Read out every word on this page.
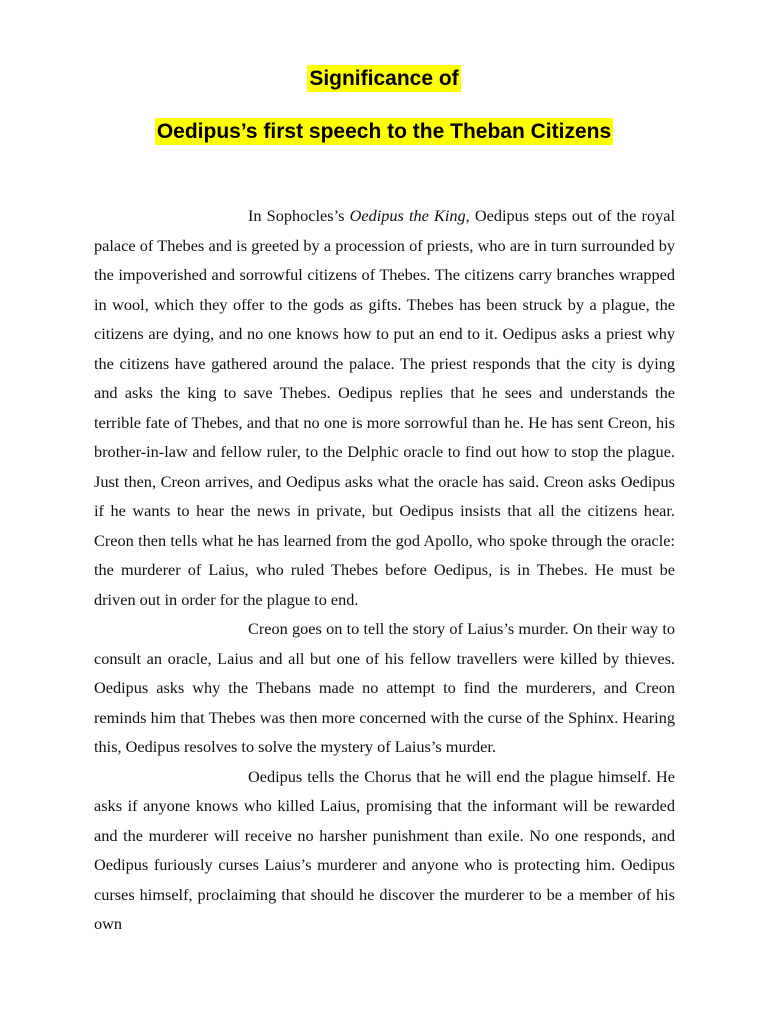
Significance of
Oedipus’s first speech to the Theban Citizens

In Sophocles’s Oedipus the King, Oedipus steps out of the royal palace of Thebes and is greeted by a procession of priests, who are in turn surrounded by the impoverished and sorrowful citizens of Thebes. The citizens carry branches wrapped in wool, which they offer to the gods as gifts. Thebes has been struck by a plague, the citizens are dying, and no one knows how to put an end to it. Oedipus asks a priest why the citizens have gathered around the palace. The priest responds that the city is dying and asks the king to save Thebes. Oedipus replies that he sees and understands the terrible fate of Thebes, and that no one is more sorrowful than he. He has sent Creon, his brother-in-law and fellow ruler, to the Delphic oracle to find out how to stop the plague. Just then, Creon arrives, and Oedipus asks what the oracle has said. Creon asks Oedipus if he wants to hear the news in private, but Oedipus insists that all the citizens hear. Creon then tells what he has learned from the god Apollo, who spoke through the oracle: the murderer of Laius, who ruled Thebes before Oedipus, is in Thebes. He must be driven out in order for the plague to end.

Creon goes on to tell the story of Laius’s murder. On their way to consult an oracle, Laius and all but one of his fellow travellers were killed by thieves. Oedipus asks why the Thebans made no attempt to find the murderers, and Creon reminds him that Thebes was then more concerned with the curse of the Sphinx. Hearing this, Oedipus resolves to solve the mystery of Laius’s murder.

Oedipus tells the Chorus that he will end the plague himself. He asks if anyone knows who killed Laius, promising that the informant will be rewarded and the murderer will receive no harsher punishment than exile. No one responds, and Oedipus furiously curses Laius’s murderer and anyone who is protecting him. Oedipus curses himself, proclaiming that should he discover the murderer to be a member of his own
